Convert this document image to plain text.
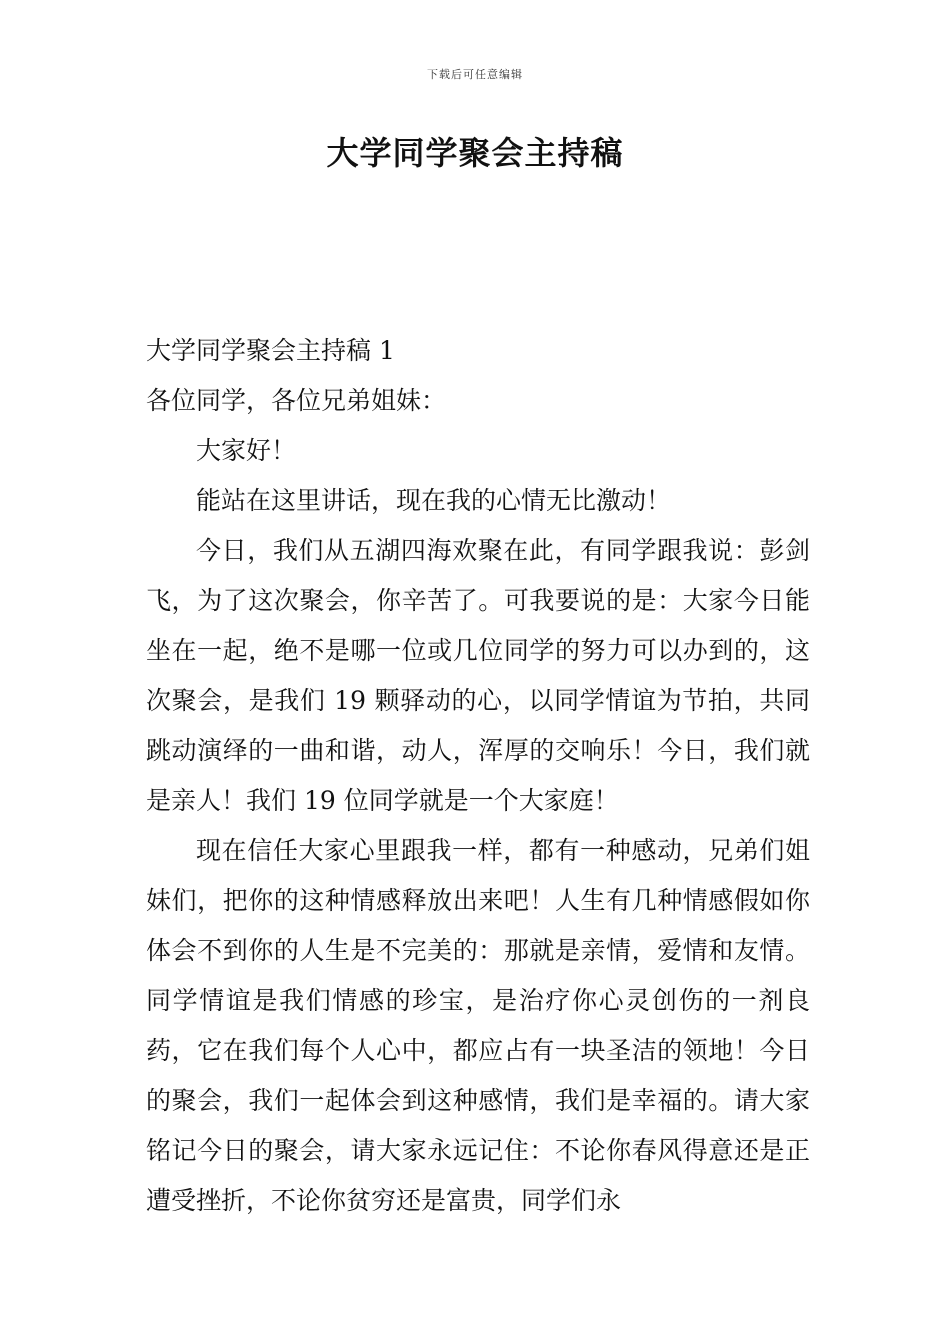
下载后可任意编辑
大学同学聚会主持稿

大学同学聚会主持稿 1

各位同学，各位兄弟姐妹：

大家好！

能站在这里讲话，现在我的心情无比激动！

今日，我们从五湖四海欢聚在此，有同学跟我说：彭剑飞，为了这次聚会，你辛苦了。可我要说的是：大家今日能坐在一起，绝不是哪一位或几位同学的努力可以办到的，这次聚会，是我们 19 颗驿动的心，以同学情谊为节拍，共同跳动演绎的一曲和谐，动人，浑厚的交响乐！今日，我们就是亲人！我们 19 位同学就是一个大家庭！

现在信任大家心里跟我一样，都有一种感动，兄弟们姐妹们，把你的这种情感释放出来吧！人生有几种情感假如你体会不到你的人生是不完美的：那就是亲情，爱情和友情。同学情谊是我们情感的珍宝，是治疗你心灵创伤的一剂良药，它在我们每个人心中，都应占有一块圣洁的领地！今日的聚会，我们一起体会到这种感情，我们是幸福的。请大家铭记今日的聚会，请大家永远记住：不论你春风得意还是正遭受挫折，不论你贫穷还是富贵，同学们永
